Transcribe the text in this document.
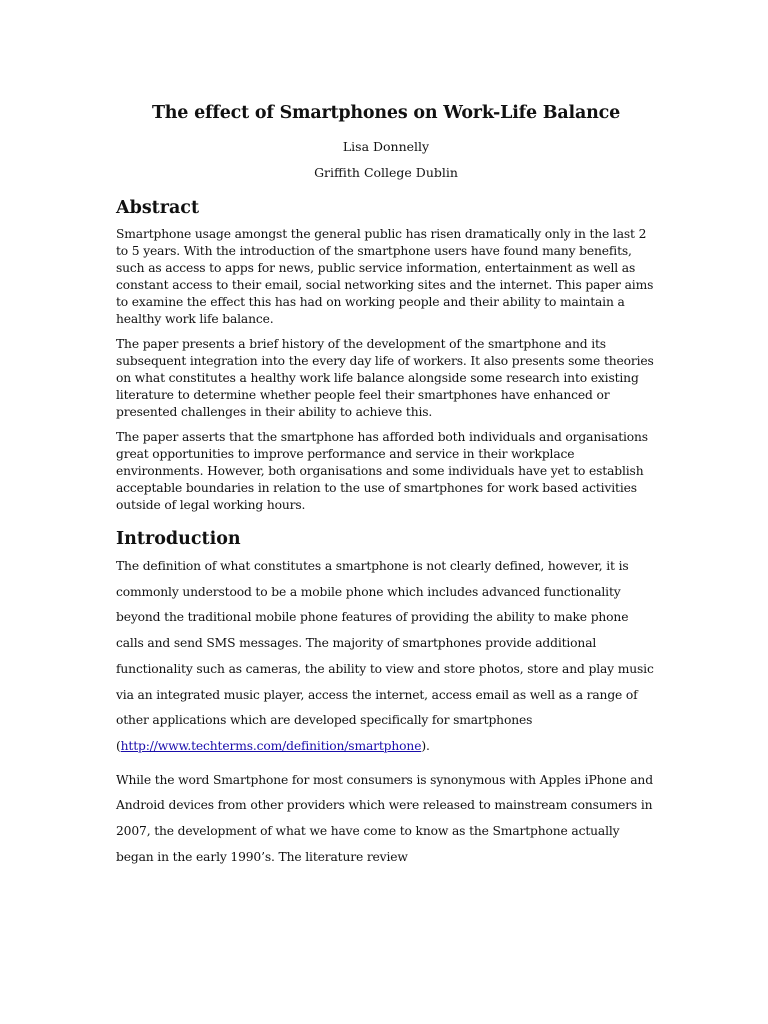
The effect of Smartphones on Work-Life Balance

Lisa Donnelly

Griffith College Dublin

Abstract

Smartphone usage amongst the general public has risen dramatically only in the last 2 to 5 years. With the introduction of the smartphone users have found many benefits, such as access to apps for news, public service information, entertainment as well as constant access to their email, social networking sites and the internet. This paper aims to examine the effect this has had on working people and their ability to maintain a healthy work life balance.

The paper presents a brief history of the development of the smartphone and its subsequent integration into the every day life of workers. It also presents some theories on what constitutes a healthy work life balance alongside some research into existing literature to determine whether people feel their smartphones have enhanced or presented challenges in their ability to achieve this.

The paper asserts that the smartphone has afforded both individuals and organisations great opportunities to improve performance and service in their workplace environments. However, both organisations and some individuals have yet to establish acceptable boundaries in relation to the use of smartphones for work based activities outside of legal working hours.

Introduction

The definition of what constitutes a smartphone is not clearly defined, however, it is commonly understood to be a mobile phone which includes advanced functionality beyond the traditional mobile phone features of providing the ability to make phone calls and send SMS messages. The majority of smartphones provide additional functionality such as cameras, the ability to view and store photos, store and play music via an integrated music player, access the internet, access email as well as a range of other applications which are developed specifically for smartphones
(http://www.techterms.com/definition/smartphone).

While the word Smartphone for most consumers is synonymous with Apples iPhone and Android devices from other providers which were released to mainstream consumers in 2007, the development of what we have come to know as the Smartphone actually began in the early 1990’s. The literature review
